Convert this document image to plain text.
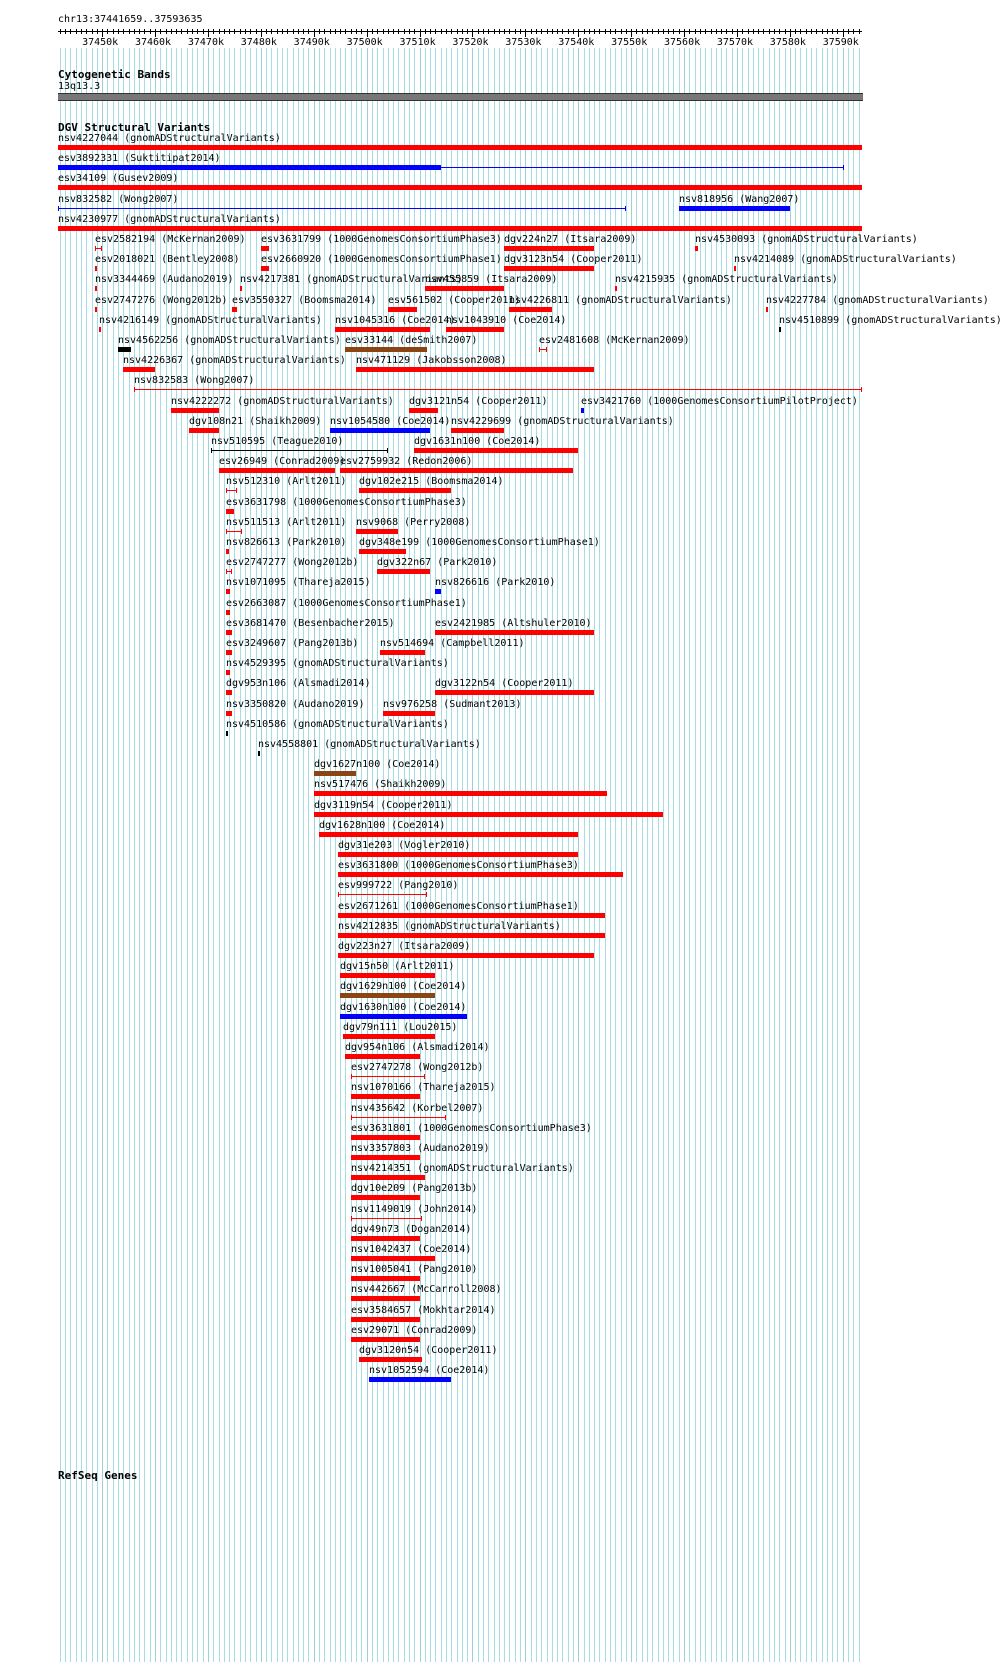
chr13:37441659..37593635
37450k 37460k 37470k 37480k 37490k 37500k 37510k 37520k 37530k 37540k 37550k 37560k 37570k 37580k 37590k
Cytogenetic Bands
13q13.3
DGV Structural Variants
nsv4227044 (gnomADStructuralVariants)
esv3892331 (Suktitipat2014)
esv34109 (Gusev2009)
nsv832582 (Wong2007)	nsv818956 (Wang2007)
nsv4230977 (gnomADStructuralVariants)
esv2582194 (McKernan2009) esv3631799 (1000GenomesConsortiumPhase3) dgv224n27 (Itsara2009)	nsv4530093 (gnomADStructuralVariants)
esv2018021 (Bentley2008) esv2660920 (1000GenomesConsortiumPhase1) dgv3123n54 (Cooper2011)	nsv4214089 (gnomADStructuralVariants)
nsv3344469 (Audano2019) nsv4217381 (gnomADStructuralVariants)
nsv455859 (Itsara2009)	nsv4215935 (gnomADStructuralVariants)
esv2747276 (Wong2012b) esv3550327 (Boomsma2014) esv561502 (Cooper2011)
nsv4226811 (gnomADStructuralVariants)	nsv4227784 (gnomADStructuralVariants)
nsv4216149 (gnomADStructuralVariants) nsv1045316 (Coe2014)
nsv1043910 (Coe2014)	nsv4510899 (gnomADStructuralVariants)
nsv4562256 (gnomADStructuralVariants) esv33144 (deSmith2007)	esv2481608 (McKernan2009)
nsv4226367 (gnomADStructuralVariants) nsv471129 (Jakobsson2008)
nsv832583 (Wong2007)
nsv4222272 (gnomADStructuralVariants) dgv3121n54 (Cooper2011)	esv3421760 (1000GenomesConsortiumPilotProject)
dgv108n21 (Shaikh2009) nsv1054580 (Coe2014) nsv4229699 (gnomADStructuralVariants)
nsv510595 (Teague2010)	dgv1631n100 (Coe2014)
esv26949 (Conrad2009)
esv2759932 (Redon2006)
nsv512310 (Arlt2011) dgv102e215 (Boomsma2014)
esv3631798 (1000GenomesConsortiumPhase3)
nsv511513 (Arlt2011) nsv9068 (Perry2008)
nsv826613 (Park2010) dgv348e199 (1000GenomesConsortiumPhase1)
esv2747277 (Wong2012b) dgv322n67 (Park2010)
nsv1071095 (Thareja2015)	nsv826616 (Park2010)
esv2663087 (1000GenomesConsortiumPhase1)
esv3681470 (Besenbacher2015)	esv2421985 (Altshuler2010)
esv3249607 (Pang2013b) nsv514694 (Campbell2011)
nsv4529395 (gnomADStructuralVariants)
dgv953n106 (Alsmadi2014)	dgv3122n54 (Cooper2011)
nsv3350820 (Audano2019) nsv976258 (Sudmant2013)
nsv4510586 (gnomADStructuralVariants)
nsv4558801 (gnomADStructuralVariants)
dgv1627n100 (Coe2014)
nsv517476 (Shaikh2009)
dgv3119n54 (Cooper2011)
dgv1628n100 (Coe2014)
dgv31e203 (Vogler2010)
esv3631800 (1000GenomesConsortiumPhase3)
esv999722 (Pang2010)
esv2671261 (1000GenomesConsortiumPhase1)
nsv4212835 (gnomADStructuralVariants)
dgv223n27 (Itsara2009)
dgv15n50 (Arlt2011)
dgv1629n100 (Coe2014)
dgv1630n100 (Coe2014)
dgv79n111 (Lou2015)
dgv954n106 (Alsmadi2014)
esv2747278 (Wong2012b)
nsv1070166 (Thareja2015)
nsv435642 (Korbel2007)
esv3631801 (1000GenomesConsortiumPhase3)
nsv3357803 (Audano2019)
nsv4214351 (gnomADStructuralVariants)
dgv10e209 (Pang2013b)
nsv1149019 (John2014)
dgv49n73 (Dogan2014)
nsv1042437 (Coe2014)
nsv1005041 (Pang2010)
nsv442667 (McCarroll2008)
esv3584657 (Mokhtar2014)
esv29071 (Conrad2009)
dgv3120n54 (Cooper2011)
nsv1052594 (Coe2014)
RefSeq Genes
